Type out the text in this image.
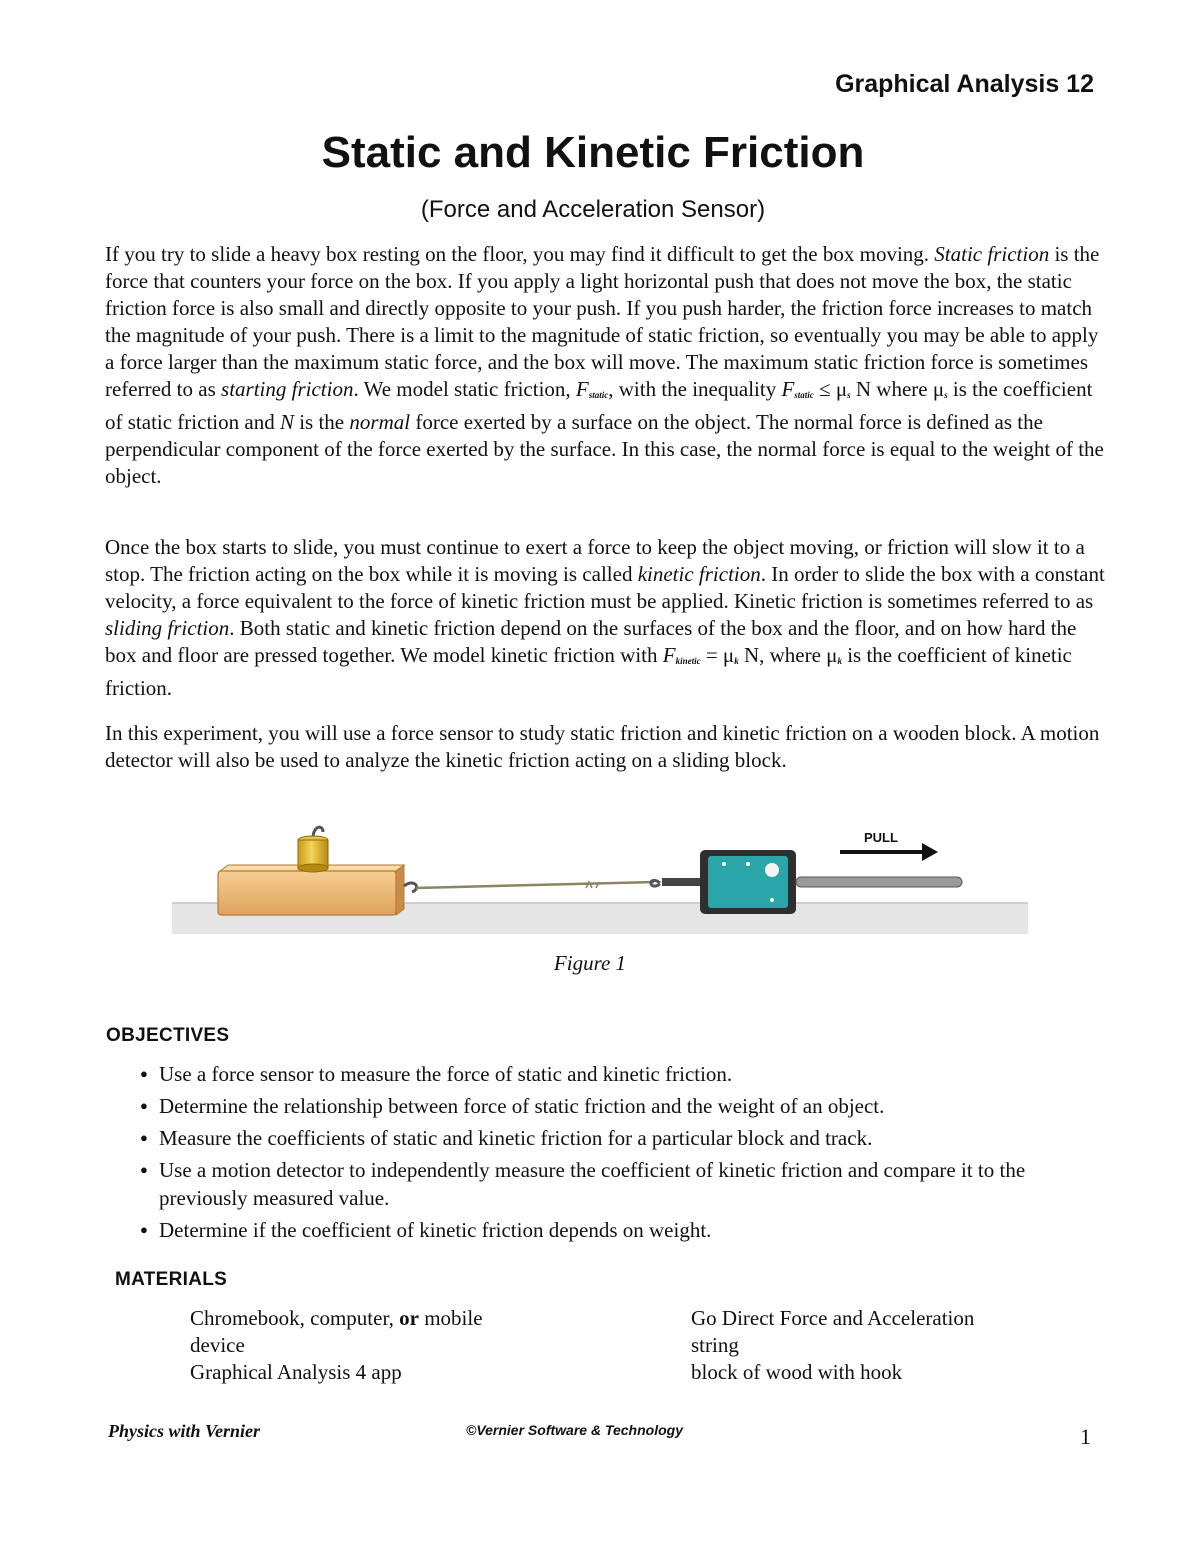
Graphical Analysis 12
Static and Kinetic Friction
(Force and Acceleration Sensor)
If you try to slide a heavy box resting on the floor, you may find it difficult to get the box moving. Static friction is the force that counters your force on the box. If you apply a light horizontal push that does not move the box, the static friction force is also small and directly opposite to your push. If you push harder, the friction force increases to match the magnitude of your push. There is a limit to the magnitude of static friction, so eventually you may be able to apply a force larger than the maximum static force, and the box will move. The maximum static friction force is sometimes referred to as starting friction. We model static friction, $F_{static}$, with the inequality $F_{static} \le \mu_s$ N where $\mu_s$ is the coefficient of static friction and N is the normal force exerted by a surface on the object. The normal force is defined as the perpendicular component of the force exerted by the surface. In this case, the normal force is equal to the weight of the object.
Once the box starts to slide, you must continue to exert a force to keep the object moving, or friction will slow it to a stop. The friction acting on the box while it is moving is called kinetic friction. In order to slide the box with a constant velocity, a force equivalent to the force of kinetic friction must be applied. Kinetic friction is sometimes referred to as sliding friction. Both static and kinetic friction depend on the surfaces of the box and the floor, and on how hard the box and floor are pressed together. We model kinetic friction with $F_{kinetic} = \mu_k$ N, where $\mu_k$ is the coefficient of kinetic friction.
In this experiment, you will use a force sensor to study static friction and kinetic friction on a wooden block. A motion detector will also be used to analyze the kinetic friction acting on a sliding block.
PULL
Figure 1
OBJECTIVES
● Use a force sensor to measure the force of static and kinetic friction.
● Determine the relationship between force of static friction and the weight of an object.
● Measure the coefficients of static and kinetic friction for a particular block and track.
● Use a motion detector to independently measure the coefficient of kinetic friction and compare it to the previously measured value.
● Determine if the coefficient of kinetic friction depends on weight.
MATERIALS
Chromebook, computer, or mobile
device
Graphical Analysis 4 app
Go Direct Force and Acceleration
string
block of wood with hook
Physics with Vernier	©Vernier Software & Technology	1
